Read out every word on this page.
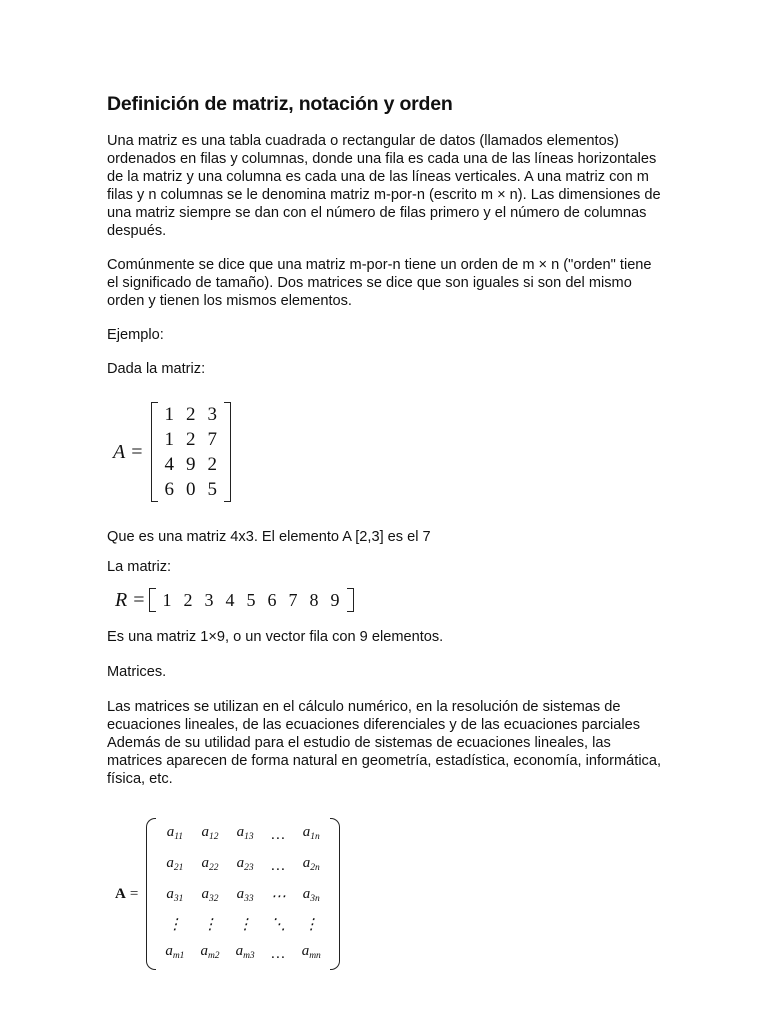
Definición de matriz, notación y orden

Una matriz es una tabla cuadrada o rectangular de datos (llamados elementos) ordenados en filas y columnas, donde una fila es cada una de las líneas horizontales de la matriz y una columna es cada una de las líneas verticales. A una matriz con m filas y n columnas se le denomina matriz m-por-n (escrito m × n). Las dimensiones de una matriz siempre se dan con el número de filas primero y el número de columnas después.

Comúnmente se dice que una matriz m-por-n tiene un orden de m × n ("orden" tiene
el significado de tamaño). Dos matrices se dice que son iguales si son del mismo orden y tienen los mismos elementos.

Ejemplo:

Dada la matriz:

A =
1	2	3
1	2	7
4	9	2
6	0	5

Que es una matriz 4x3. El elemento A [2,3] es el 7

La matriz:

R = 1 2 3 4 5 6 7 8 9

Es una matriz 1×9, o un vector fila con 9 elementos.

Matrices.

Las matrices se utilizan en el cálculo numérico, en la resolución de sistemas de ecuaciones lineales, de las ecuaciones diferenciales y de las ecuaciones parciales Además de su utilidad para el estudio de sistemas de ecuaciones lineales, las matrices aparecen de forma natural en geometría, estadística, economía, informática, física, etc.

A =
$a_{11}$	$a_{12}$	$a_{13}$	…	$a_{1n}$
$a_{21}$	$a_{22}$	$a_{23}$	…	$a_{2n}$
$a_{31}$	$a_{32}$	$a_{33}$	⋯	$a_{3n}$
⋮	⋮	⋮	⋱	⋮
$a_{m1}$	$a_{m2}$	$a_{m3}$	…	$a_{mn}$
